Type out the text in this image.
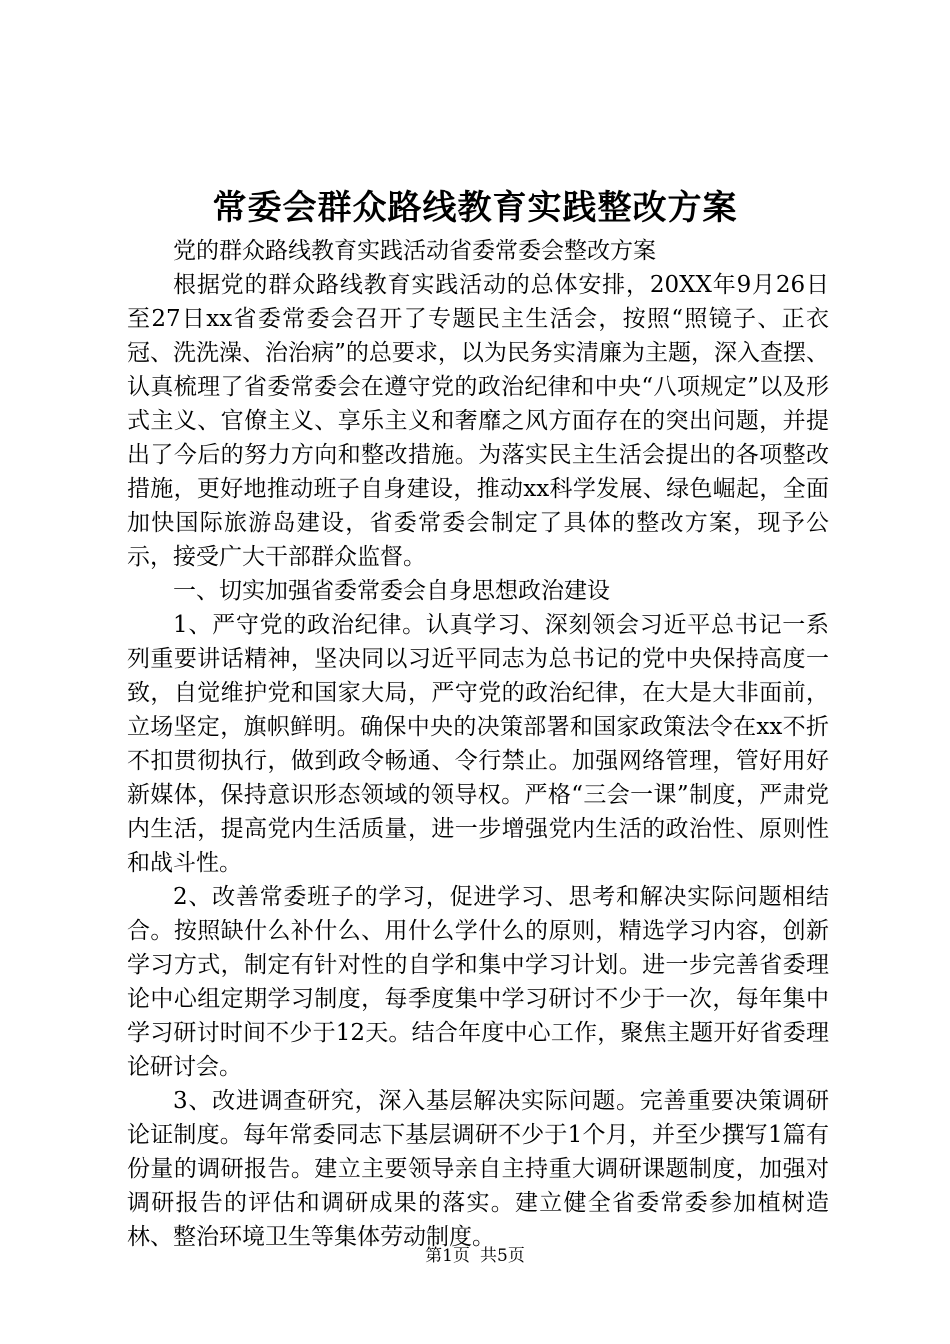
常委会群众路线教育实践整改方案

党的群众路线教育实践活动省委常委会整改方案

根据党的群众路线教育实践活动的总体安排，20XX年9月26日至27日xx省委常委会召开了专题民主生活会，按照“照镜子、正衣冠、洗洗澡、治治病”的总要求，以为民务实清廉为主题，深入查摆、认真梳理了省委常委会在遵守党的政治纪律和中央“八项规定”以及形式主义、官僚主义、享乐主义和奢靡之风方面存在的突出问题，并提出了今后的努力方向和整改措施。为落实民主生活会提出的各项整改措施，更好地推动班子自身建设，推动xx科学发展、绿色崛起，全面加快国际旅游岛建设，省委常委会制定了具体的整改方案，现予公示，接受广大干部群众监督。

一、切实加强省委常委会自身思想政治建设

1、严守党的政治纪律。认真学习、深刻领会习近平总书记一系列重要讲话精神，坚决同以习近平同志为总书记的党中央保持高度一致，自觉维护党和国家大局，严守党的政治纪律，在大是大非面前，立场坚定，旗帜鲜明。确保中央的决策部署和国家政策法令在xx不折不扣贯彻执行，做到政令畅通、令行禁止。加强网络管理，管好用好新媒体，保持意识形态领域的领导权。严格“三会一课”制度，严肃党内生活，提高党内生活质量，进一步增强党内生活的政治性、原则性和战斗性。

2、改善常委班子的学习，促进学习、思考和解决实际问题相结合。按照缺什么补什么、用什么学什么的原则，精选学习内容，创新学习方式，制定有针对性的自学和集中学习计划。进一步完善省委理论中心组定期学习制度，每季度集中学习研讨不少于一次，每年集中学习研讨时间不少于12天。结合年度中心工作，聚焦主题开好省委理论研讨会。

3、改进调查研究，深入基层解决实际问题。完善重要决策调研论证制度。每年常委同志下基层调研不少于1个月，并至少撰写1篇有份量的调研报告。建立主要领导亲自主持重大调研课题制度，加强对调研报告的评估和调研成果的落实。建立健全省委常委参加植树造林、整治环境卫生等集体劳动制度。

第1页 共5页
